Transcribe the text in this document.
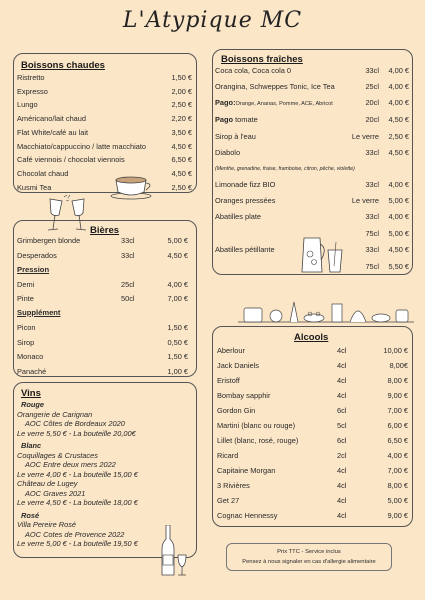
L'Atypique MC
Boissons chaudes
Bières
Grimbergen blonde	33cl	5,00 €
Desperados	33cl	4,50 €
Pression
Demi	25cl	4,00 €
Pinte	50cl	7,00 €
Supplément
Vins
Boissons fraîches
(Menthe, grenadine, fraise, framboise, citron, pêche, violette)
Alcools
Prix TTC - Service inclus
Pensez à nous signaler en cas d'allergie alimentaire
Ristretto	1,50 €
Expresso	2,00 €
Lungo	2,50 €
Américano/lait chaud	2,20 €
Flat White/café au lait	3,50 €
Macchiato/cappuccino / latte macchiato	4,50 €
Café viennois / chocolat viennois	6,50 €
Chocolat chaud	4,50 €
Kusmi Tea	2,50 €
Picon	1,50 €
Sirop	0,50 €
Monaco	1,50 €
Panaché	1,00 €
Rouge
Orangerie de Carignan
AOC Côtes de Bordeaux 2020
Le verre 5,50 € - La bouteille 20,00€
Blanc
Coquillages & Crustaces
AOC Entre deux mers 2022
Le verre 4,00 € - La bouteille 15,00 €
Château de Lugey
AOC Graves 2021
Le verre 4,50 € - La bouteille 18,00 €
Rosé
Villa Pereire Rosé
AOC Cotes de Provence 2022
Le verre 5,00 € - La bouteille 19,50 €
Coca cola, Coca cola 0	33cl 4,00 €
Orangina, Schweppes Tonic, Ice Tea	25cl 4,00 €
Pago:Orange, Ananas, Pomme, ACE, Abricot	20cl 4,00 €
Pago tomate	20cl 4,50 €
Sirop à l'eau	Le verre 2,50 €
Diabolo	33cl 4,50 €
Limonade fizz BIO	33cl 4,00 €
Oranges pressées	Le verre 5,00 €
Abatilles plate	33cl 4,00 €
75cl 5,00 €
Abatilles pétillante	33cl 4,50 €
75cl 5,50 €
Aberlour	4cl	10,00 €
Jack Daniels	4cl	8,00€
Eristoff	4cl	8,00 €
Bombay sapphir	4cl	9,00 €
Gordon Gin	6cl	7,00 €
Martini (blanc ou rouge)	5cl	6,00 €
Lillet (blanc, rosé, rouge)	6cl	6,50 €
Ricard	2cl	4,00 €
Capitaine Morgan	4cl	7,00 €
3 Rivières	4cl	8,00 €
Get 27	4cl	5,00 €
Cognac Hennessy	4cl	9,00 €
